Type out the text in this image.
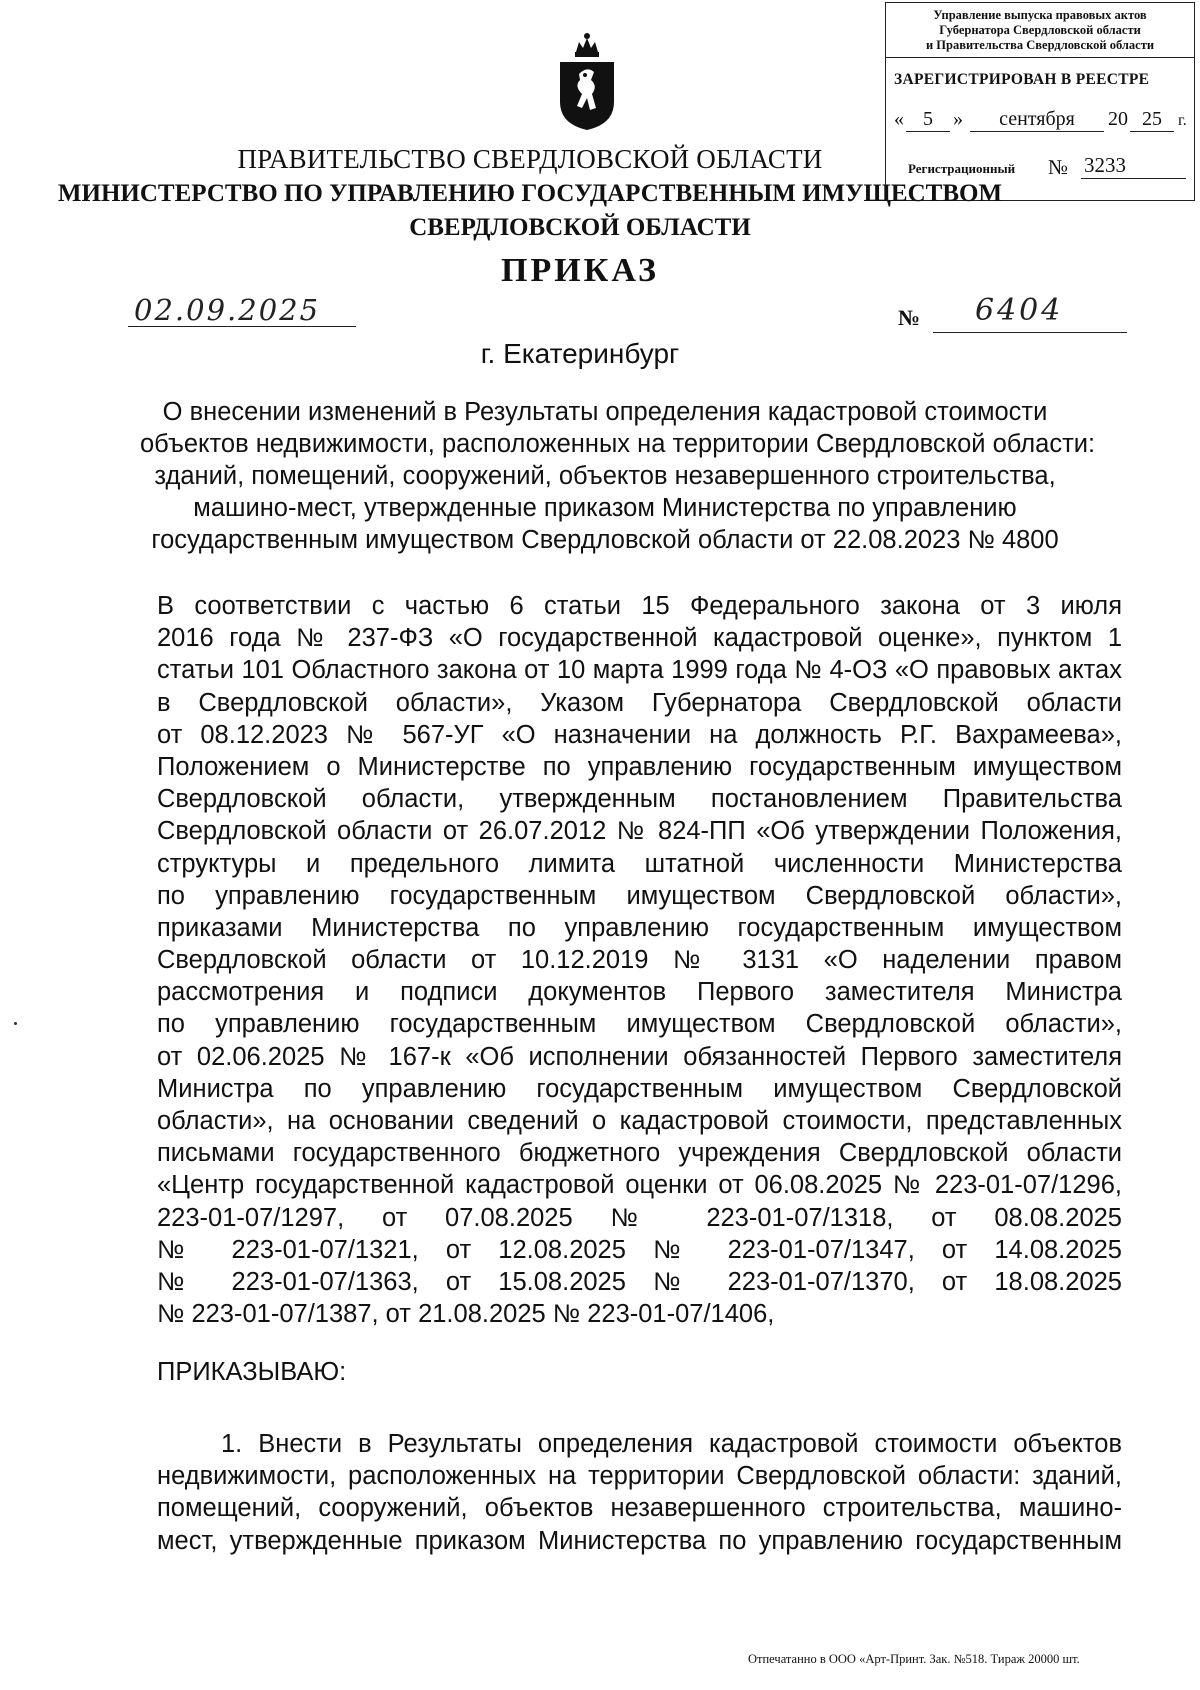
Управление выпуска правовых актов
Губернатора Свердловской области
и Правительства Свердловской области
ЗАРЕГИСТРИРОВАН В РЕЕСТРЕ
« 5	»	сентября	20 25	г.
Регистрационный № 3233
ПРАВИТЕЛЬСТВО СВЕРДЛОВСКОЙ ОБЛАСТИ
МИНИСТЕРСТВО ПО УПРАВЛЕНИЮ ГОСУДАРСТВЕННЫМ ИМУЩЕСТВОМ
СВЕРДЛОВСКОЙ ОБЛАСТИ
ПРИКАЗ
02.09.2025	№ 6404
г. Екатеринбург
О внесении изменений в Результаты определения кадастровой стоимости
объектов недвижимости, расположенных на территории Свердловской области:
зданий, помещений, сооружений, объектов незавершенного строительства,
машино-мест, утвержденные приказом Министерства по управлению
государственным имуществом Свердловской области от 22.08.2023 № 4800
В соответствии с частью 6 статьи 15 Федерального закона от 3 июля
2016 года № 237-ФЗ «О государственной кадастровой оценке», пунктом 1
статьи 101 Областного закона от 10 марта 1999 года № 4-ОЗ «О правовых актах
в Свердловской области», Указом Губернатора Свердловской области
от 08.12.2023 № 567-УГ «О назначении на должность Р.Г. Вахрамеева»,
Положением о Министерстве по управлению государственным имуществом
Свердловской области, утвержденным постановлением Правительства
Свердловской области от 26.07.2012 № 824-ПП «Об утверждении Положения,
структуры и предельного лимита штатной численности Министерства
по управлению государственным имуществом Свердловской области»,
приказами Министерства по управлению государственным имуществом
Свердловской области от 10.12.2019 № 3131 «О наделении правом
рассмотрения и подписи документов Первого заместителя Министра
по управлению государственным имуществом Свердловской области»,
от 02.06.2025 № 167-к «Об исполнении обязанностей Первого заместителя
Министра по управлению государственным имуществом Свердловской
области», на основании сведений о кадастровой стоимости, представленных
письмами государственного бюджетного учреждения Свердловской области
«Центр государственной кадастровой оценки от 06.08.2025 № 223-01-07/1296,
223-01-07/1297, от 07.08.2025 № 223-01-07/1318, от 08.08.2025
№ 223-01-07/1321, от 12.08.2025 № 223-01-07/1347, от 14.08.2025
№ 223-01-07/1363, от 15.08.2025 № 223-01-07/1370, от 18.08.2025
№ 223-01-07/1387, от 21.08.2025 № 223-01-07/1406,
ПРИКАЗЫВАЮ:
1. Внести в Результаты определения кадастровой стоимости объектов
недвижимости, расположенных на территории Свердловской области: зданий,
помещений, сооружений, объектов незавершенного строительства, машино-
мест, утвержденные приказом Министерства по управлению государственным
Отпечатанно в ООО «Арт-Принт. Зак. №518. Тираж 20000 шт.
